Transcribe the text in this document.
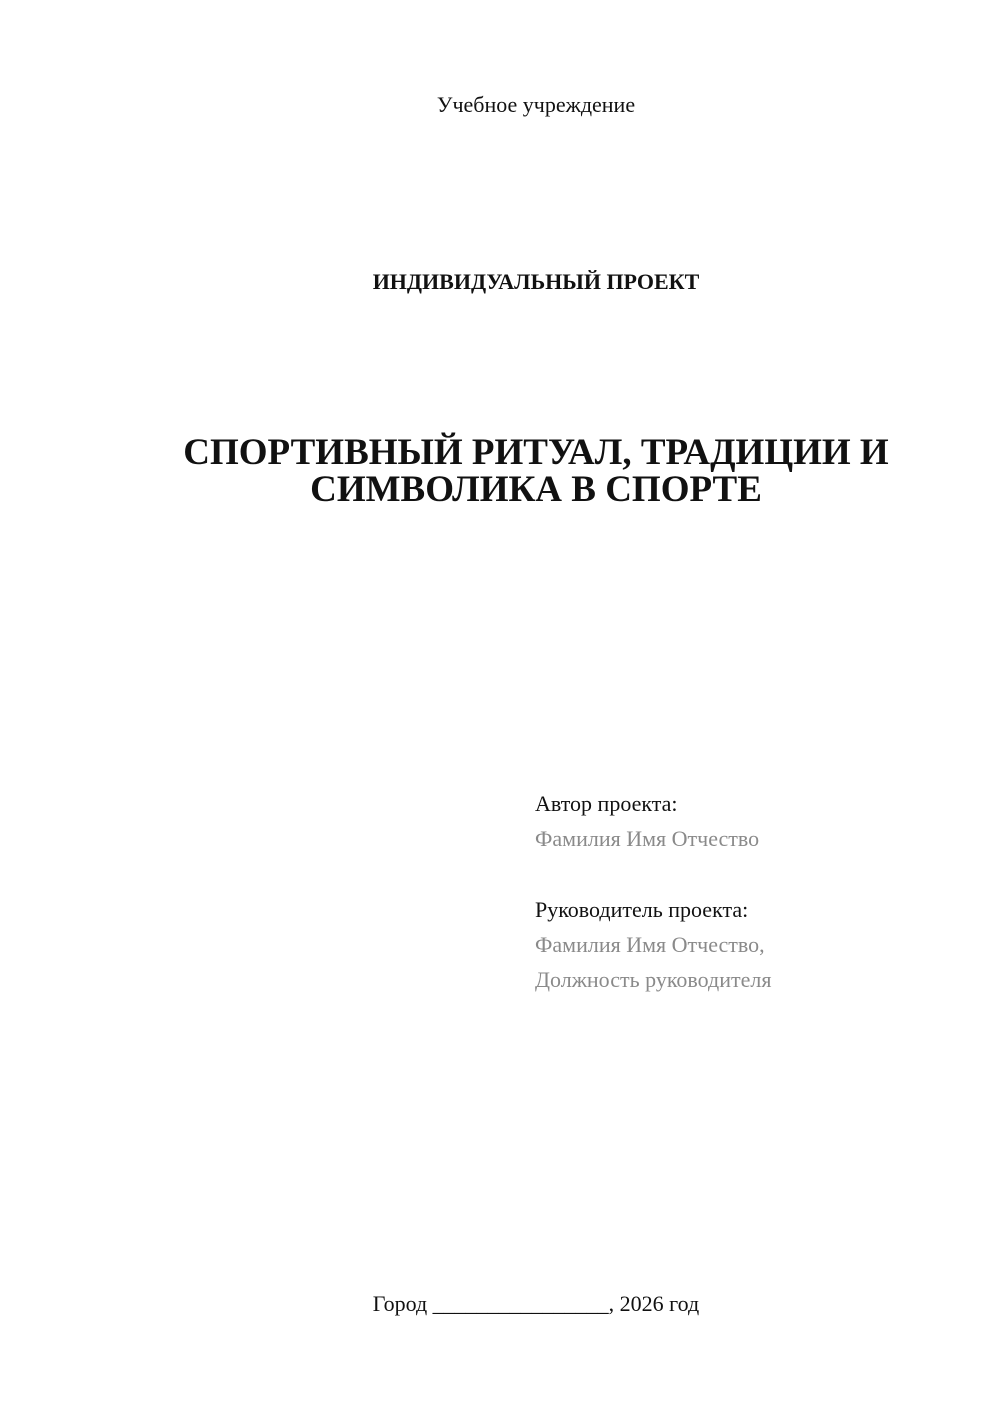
Учебное учреждение
ИНДИВИДУАЛЬНЫЙ ПРОЕКТ
СПОРТИВНЫЙ РИТУАЛ, ТРАДИЦИИ И
СИМВОЛИКА В СПОРТЕ
Автор проекта:
Фамилия Имя Отчество
Руководитель проекта:
Фамилия Имя Отчество,
Должность руководителя
Город ________________, 2026 год
